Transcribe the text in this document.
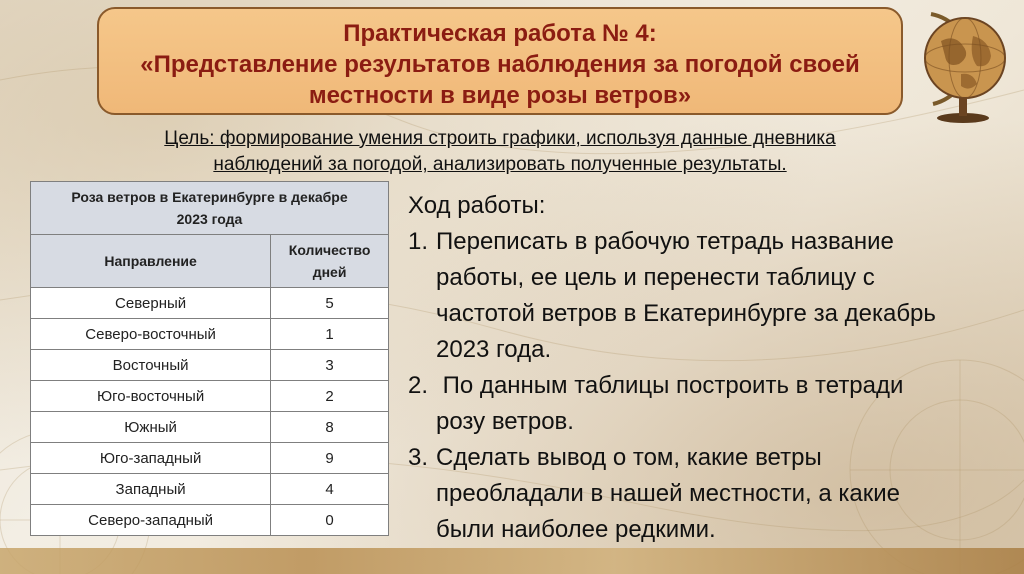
Практическая работа № 4:
«Представление результатов наблюдения за погодой своей
местности в виде розы ветров»
Цель: формирование умения строить графики, используя данные дневника
наблюдений за погодой, анализировать полученные результаты.
Роза ветров в Екатеринбурге в декабре
2023 года	

Направление	Количество
дней

Северный	5
Северо-восточный	1
Восточный	3
Юго-восточный	2
Южный	8
Юго-западный	9
Западный	4
Северо-западный	0
Ход работы:
1. Переписать в рабочую тетрадь название
работы, ее цель и перенести таблицу с
частотой ветров в Екатеринбурге за декабрь
2023 года.
2. По данным таблицы построить в тетради
розу ветров.
3. Сделать вывод о том, какие ветры
преобладали в нашей местности, а какие
были наиболее редкими.
